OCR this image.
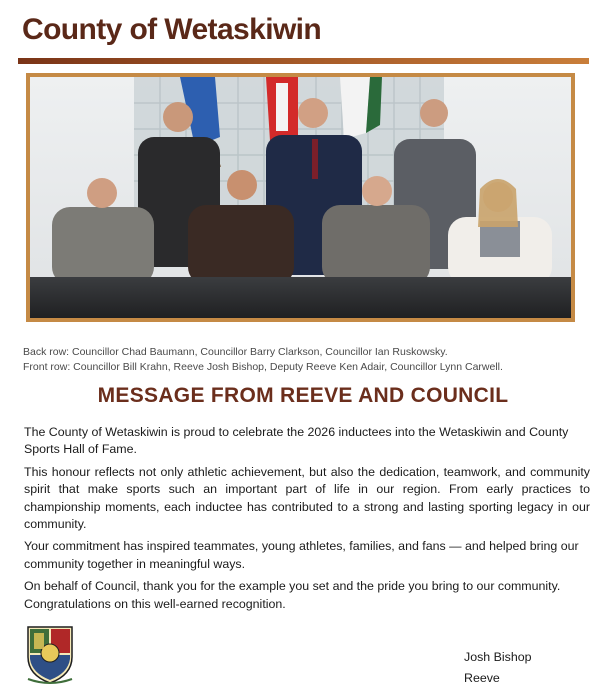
County of Wetaskiwin
Back row: Councillor Chad Baumann, Councillor Barry Clarkson, Councillor Ian Ruskowsky.
Front row: Councillor Bill Krahn, Reeve Josh Bishop, Deputy Reeve Ken Adair, Councillor Lynn Carwell.
MESSAGE FROM REEVE AND COUNCIL

The County of Wetaskiwin is proud to celebrate the 2026 inductees into the Wetaskiwin and County Sports Hall of Fame.

This honour reflects not only athletic achievement, but also the dedication, teamwork, and community spirit that make sports such an important part of life in our region. From early practices to championship moments, each inductee has contributed to a strong and lasting sporting legacy in our community.

Your commitment has inspired teammates, young athletes, families, and fans — and helped bring our community together in meaningful ways.

On behalf of Council, thank you for the example you set and the pride you bring to our community. Congratulations on this well-earned recognition.

Josh Bishop
Reeve
